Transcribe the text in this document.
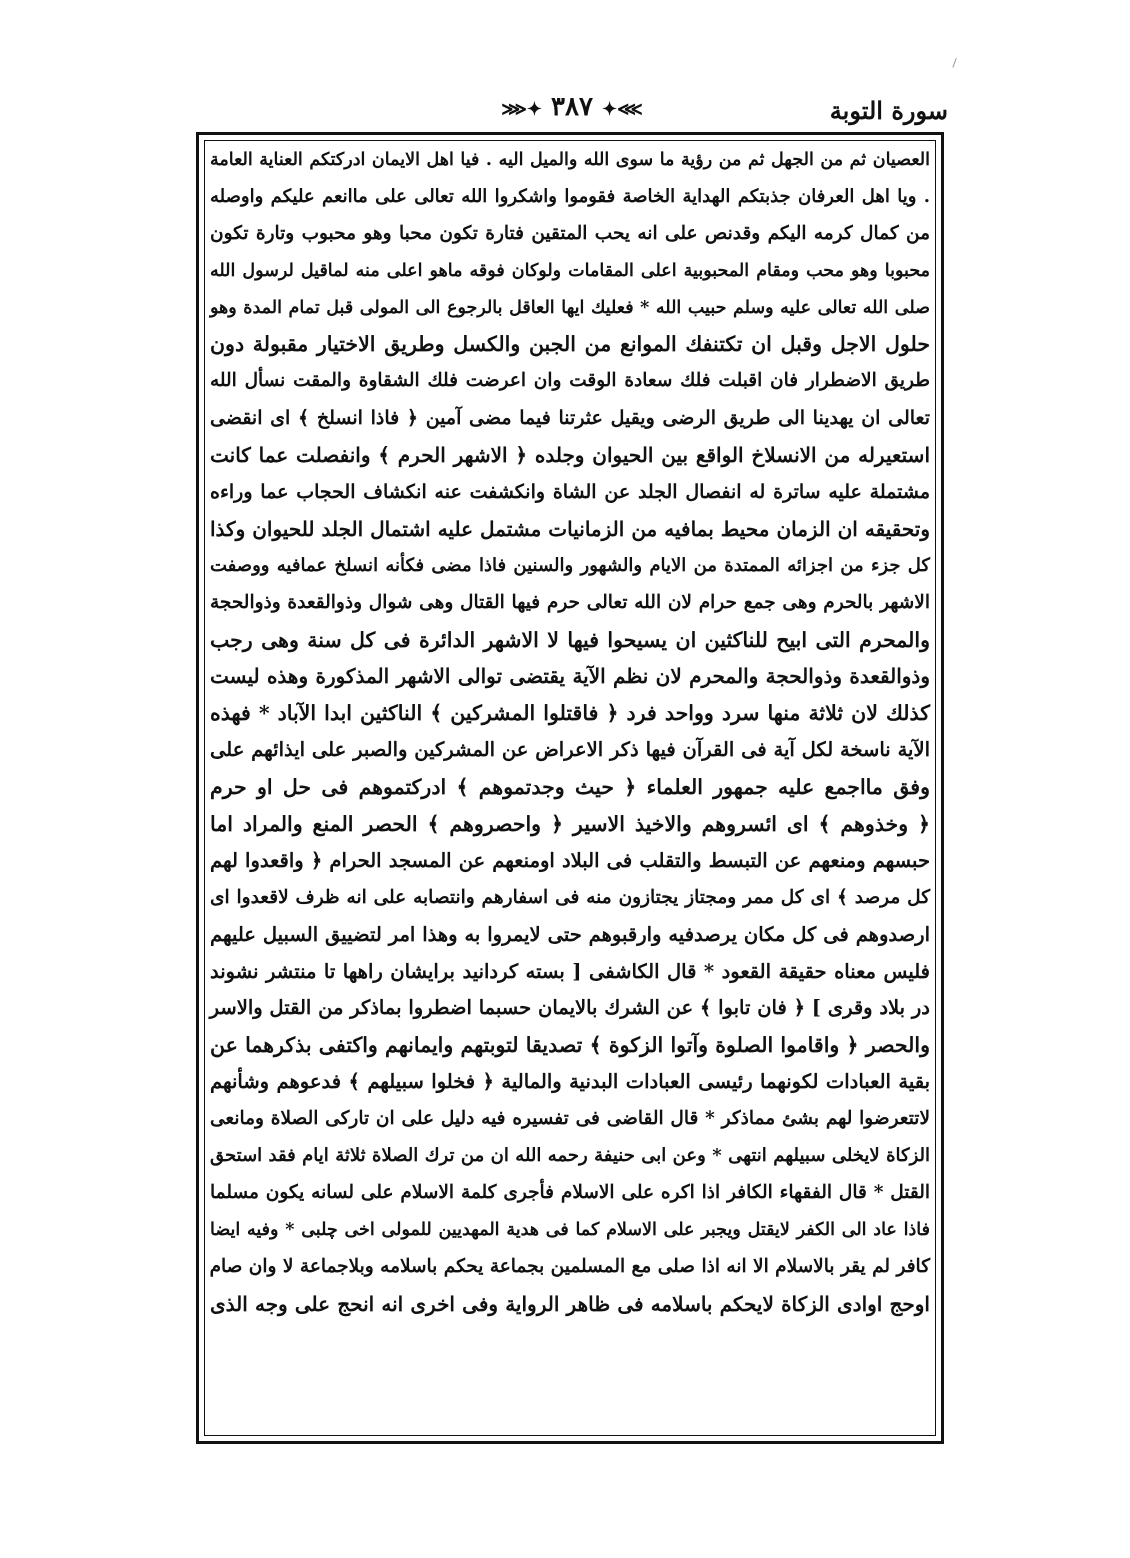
سورة التوبة
⋙✦ ٣٨٧ ✦⋘
العصيان ثم من الجهل ثم من رؤية ما سوى الله والميل اليه . فيا اهل الايمان ادركتكم العناية العامة
. ويا اهل العرفان جذبتكم الهداية الخاصة فقوموا واشكروا الله تعالى على ماانعم عليكم واوصله
من كمال كرمه اليكم وقدنص على انه يحب المتقين فتارة تكون محبا وهو محبوب وتارة تكون
محبوبا وهو محب ومقام المحبوبية اعلى المقامات ولوكان فوقه ماهو اعلى منه لماقيل لرسول الله
صلى الله تعالى عليه وسلم حبيب الله * فعليك ايها العاقل بالرجوع الى المولى قبل تمام المدة وهو
حلول الاجل وقبل ان تكتنفك الموانع من الجبن والكسل وطريق الاختيار مقبولة دون
طريق الاضطرار فان اقبلت فلك سعادة الوقت وان اعرضت فلك الشقاوة والمقت نسأل الله
تعالى ان يهدينا الى طريق الرضى ويقيل عثرتنا فيما مضى آمين ﴿ فاذا انسلخ ﴾ اى انقضى
استعيرله من الانسلاخ الواقع بين الحيوان وجلده ﴿ الاشهر الحرم ﴾ وانفصلت عما كانت
مشتملة عليه ساترة له انفصال الجلد عن الشاة وانكشفت عنه انكشاف الحجاب عما وراءه
وتحقيقه ان الزمان محيط بمافيه من الزمانيات مشتمل عليه اشتمال الجلد للحيوان وكذا
كل جزء من اجزائه الممتدة من الايام والشهور والسنين فاذا مضى فكأنه انسلخ عمافيه ووصفت
الاشهر بالحرم وهى جمع حرام لان الله تعالى حرم فيها القتال وهى شوال وذوالقعدة وذوالحجة
والمحرم التى ابيح للناكثين ان يسيحوا فيها لا الاشهر الدائرة فى كل سنة وهى رجب
وذوالقعدة وذوالحجة والمحرم لان نظم الآية يقتضى توالى الاشهر المذكورة وهذه ليست
كذلك لان ثلاثة منها سرد وواحد فرد ﴿ فاقتلوا المشركين ﴾ الناكثين ابدا الآباد * فهذه
الآية ناسخة لكل آية فى القرآن فيها ذكر الاعراض عن المشركين والصبر على ايذائهم على
وفق مااجمع عليه جمهور العلماء ﴿ حيث وجدتموهم ﴾ ادركتموهم فى حل او حرم
﴿ وخذوهم ﴾ اى ائسروهم والاخيذ الاسير ﴿ واحصروهم ﴾ الحصر المنع والمراد اما
حبسهم ومنعهم عن التبسط والتقلب فى البلاد اومنعهم عن المسجد الحرام ﴿ واقعدوا لهم
كل مرصد ﴾ اى كل ممر ومجتاز يجتازون منه فى اسفارهم وانتصابه على انه ظرف لاقعدوا اى
ارصدوهم فى كل مكان يرصدفيه وارقبوهم حتى لايمروا به وهذا امر لتضييق السبيل عليهم
فليس معناه حقيقة القعود * قال الكاشفى [ بسته كردانيد برايشان راهها تا منتشر نشوند
در بلاد وقرى ] ﴿ فان تابوا ﴾ عن الشرك بالايمان حسبما اضطروا بماذكر من القتل والاسر
والحصر ﴿ واقاموا الصلوة وآتوا الزكوة ﴾ تصديقا لتوبتهم وايمانهم واكتفى بذكرهما عن
بقية العبادات لكونهما رئيسى العبادات البدنية والمالية ﴿ فخلوا سبيلهم ﴾ فدعوهم وشأنهم
لاتتعرضوا لهم بشئ مماذكر * قال القاضى فى تفسيره فيه دليل على ان تاركى الصلاة ومانعى
الزكاة لايخلى سبيلهم انتهى * وعن ابى حنيفة رحمه الله ان من ترك الصلاة ثلاثة ايام فقد استحق
القتل * قال الفقهاء الكافر اذا اكره على الاسلام فأجرى كلمة الاسلام على لسانه يكون مسلما
فاذا عاد الى الكفر لايقتل ويجبر على الاسلام كما فى هدية المهديين للمولى اخى چلبى * وفيه ايضا
كافر لم يقر بالاسلام الا انه اذا صلى مع المسلمين بجماعة يحكم باسلامه وبلاجماعة لا وان صام
اوحج اوادى الزكاة لايحكم باسلامه فى ظاهر الرواية وفى اخرى انه انحج على وجه الذى
